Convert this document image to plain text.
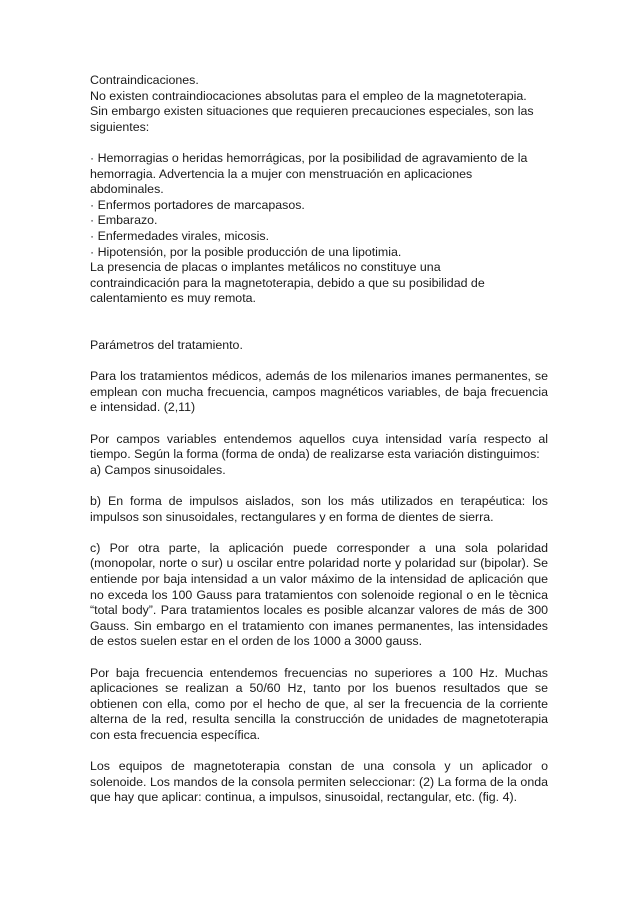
Contraindicaciones.

No existen contraindiocaciones absolutas para el empleo de la magnetoterapia.

Sin embargo existen situaciones que requieren precauciones especiales, son las siguientes:

· Hemorragias o heridas hemorrágicas, por la posibilidad de agravamiento de la hemorragia. Advertencia la a mujer con menstruación en aplicaciones abdominales.
· Enfermos portadores de marcapasos.
· Embarazo.
· Enfermedades virales, micosis.
· Hipotensión, por la posible producción de una lipotimia.

La presencia de placas o implantes metálicos no constituye una contraindicación para la magnetoterapia, debido a que su posibilidad de calentamiento es muy remota.

Parámetros del tratamiento.

Para los tratamientos médicos, además de los milenarios imanes permanentes, se emplean con mucha frecuencia, campos magnéticos variables, de baja frecuencia e intensidad. (2,11)

Por campos variables entendemos aquellos cuya intensidad varía respecto al tiempo. Según la forma (forma de onda) de realizarse esta variación distinguimos:

a) Campos sinusoidales.

b) En forma de impulsos aislados, son los más utilizados en terapéutica: los impulsos son sinusoidales, rectangulares y en forma de dientes de sierra.

c) Por otra parte, la aplicación puede corresponder a una sola polaridad (monopolar, norte o sur) u oscilar entre polaridad norte y polaridad sur (bipolar). Se entiende por baja intensidad a un valor máximo de la intensidad de aplicación que no exceda los 100 Gauss para tratamientos con solenoide regional o en le tècnica “total body”. Para tratamientos locales es posible alcanzar valores de más de 300 Gauss. Sin embargo en el tratamiento con imanes permanentes, las intensidades de estos suelen estar en el orden de los 1000 a 3000 gauss.

Por baja frecuencia entendemos frecuencias no superiores a 100 Hz. Muchas aplicaciones se realizan a 50/60 Hz, tanto por los buenos resultados que se obtienen con ella, como por el hecho de que, al ser la frecuencia de la corriente alterna de la red, resulta sencilla la construcción de unidades de magnetoterapia con esta frecuencia específica.

Los equipos de magnetoterapia constan de una consola y un aplicador o solenoide. Los mandos de la consola permiten seleccionar: (2) La forma de la onda que hay que aplicar: continua, a impulsos, sinusoidal, rectangular, etc. (fig. 4).
